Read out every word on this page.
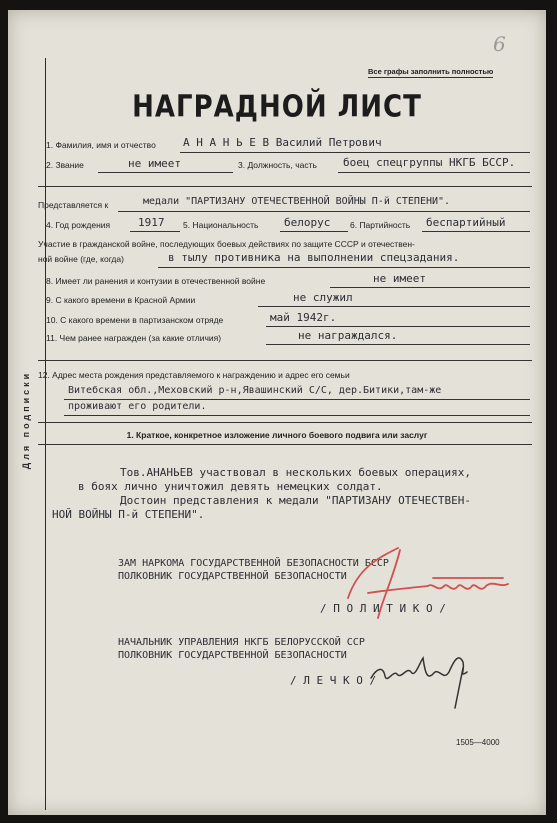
Для подписки
6
Все графы заполнить полностью
НАГРАДНОЙ ЛИСТ
1. Фамилия, имя и отчество А Н А Н Ь Е В Василий Петрович
2. Звание	не имеет	3. Должность, часть боец спецгруппы НКГБ БССР.
Представляется к	медали "ПАРТИЗАНУ ОТЕЧЕСТВЕННОЙ ВОЙНЫ П-й СТЕПЕНИ".
4. Год рождения	1917 5. Национальность белорус 6. Партийность беспартийный
Участие в гражданской войне, последующих боевых действиях по защите СССР и отечествен-
ной войне (где, когда)	в тылу противника на выполнении спецзадания.
8. Имеет ли ранения и контузии в отечественной войне	не имеет
9. С какого времени в Красной Армии	не служил
10. С какого времени в партизанском отряде	май 1942г.
11. Чем ранее награжден (за какие отличия)	не награждался.
12. Адрес места рождения представляемого к награждению и адрес его семьи
Витебская обл.,Меховский р-н,Явашинский С/С, дер.Битики,там-же
проживают его родители.
1. Краткое, конкретное изложение личного боевого подвига или заслуг
Тов.АНАНЬЕВ участвовал в нескольких боевых операциях,
в боях лично уничтожил девять немецких солдат.
Достоин представления к медали "ПАРТИЗАНУ ОТЕЧЕСТВЕН-
НОЙ ВОЙНЫ П-й СТЕПЕНИ".
ЗАМ НАРКОМА ГОСУДАРСТВЕННОЙ БЕЗОПАСНОСТИ БССР
ПОЛКОВНИК ГОСУДАРСТВЕННОЙ БЕЗОПАСНОСТИ
/ П О Л И Т И К О /
НАЧАЛЬНИК УПРАВЛЕНИЯ НКГБ БЕЛОРУССКОЙ ССР
ПОЛКОВНИК ГОСУДАРСТВЕННОЙ БЕЗОПАСНОСТИ
/ Л Е Ч К О /
1505—4000
